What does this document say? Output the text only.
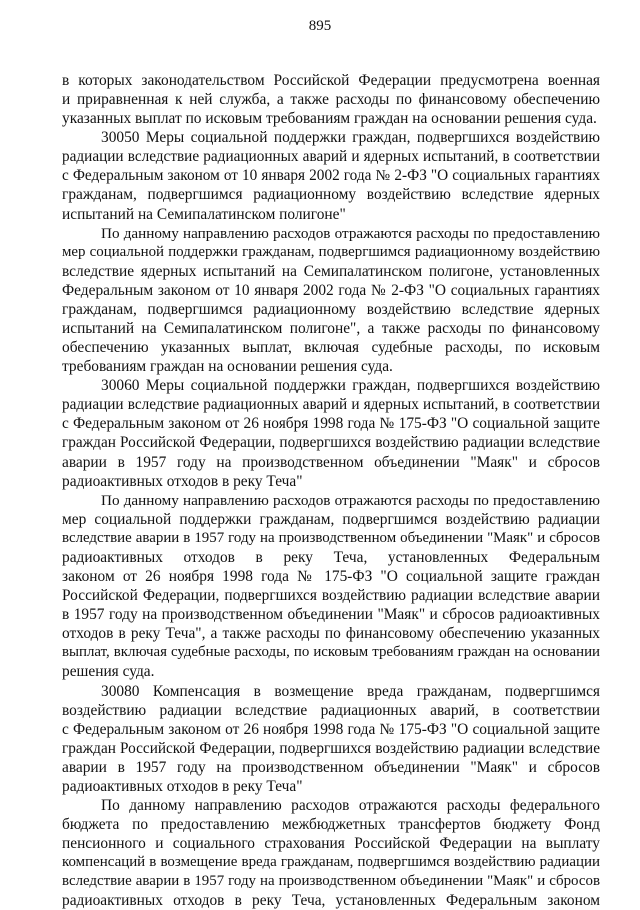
895
в которых законодательством Российской Федерации предусмотрена военная
и приравненная к ней служба, а также расходы по финансовому обеспечению
указанных выплат по исковым требованиям граждан на основании решения суда.
30050 Меры социальной поддержки граждан, подвергшихся воздействию
радиации вследствие радиационных аварий и ядерных испытаний, в соответствии
с Федеральным законом от 10 января 2002 года № 2-ФЗ "О социальных гарантиях
гражданам, подвергшимся радиационному воздействию вследствие ядерных
испытаний на Семипалатинском полигоне"
По данному направлению расходов отражаются расходы по предоставлению
мер социальной поддержки гражданам, подвергшимся радиационному воздействию
вследствие ядерных испытаний на Семипалатинском полигоне, установленных
Федеральным законом от 10 января 2002 года № 2-ФЗ "О социальных гарантиях
гражданам, подвергшимся радиационному воздействию вследствие ядерных
испытаний на Семипалатинском полигоне", а также расходы по финансовому
обеспечению указанных выплат, включая судебные расходы, по исковым
требованиям граждан на основании решения суда.
30060 Меры социальной поддержки граждан, подвергшихся воздействию
радиации вследствие радиационных аварий и ядерных испытаний, в соответствии
с Федеральным законом от 26 ноября 1998 года № 175-ФЗ "О социальной защите
граждан Российской Федерации, подвергшихся воздействию радиации вследствие
аварии в 1957 году на производственном объединении "Маяк" и сбросов
радиоактивных отходов в реку Теча"
По данному направлению расходов отражаются расходы по предоставлению
мер социальной поддержки гражданам, подвергшимся воздействию радиации
вследствие аварии в 1957 году на производственном объединении "Маяк" и сбросов
радиоактивных отходов в реку Теча, установленных Федеральным
законом от 26 ноября 1998 года № 175-ФЗ "О социальной защите граждан
Российской Федерации, подвергшихся воздействию радиации вследствие аварии
в 1957 году на производственном объединении "Маяк" и сбросов радиоактивных
отходов в реку Теча", а также расходы по финансовому обеспечению указанных
выплат, включая судебные расходы, по исковым требованиям граждан на основании
решения суда.
30080 Компенсация в возмещение вреда гражданам, подвергшимся
воздействию радиации вследствие радиационных аварий, в соответствии
с Федеральным законом от 26 ноября 1998 года № 175-ФЗ "О социальной защите
граждан Российской Федерации, подвергшихся воздействию радиации вследствие
аварии в 1957 году на производственном объединении "Маяк" и сбросов
радиоактивных отходов в реку Теча"
По данному направлению расходов отражаются расходы федерального
бюджета по предоставлению межбюджетных трансфертов бюджету Фонд
пенсионного и социального страхования Российской Федерации на выплату
компенсаций в возмещение вреда гражданам, подвергшимся воздействию радиации
вследствие аварии в 1957 году на производственном объединении "Маяк" и сбросов
радиоактивных отходов в реку Теча, установленных Федеральным законом
